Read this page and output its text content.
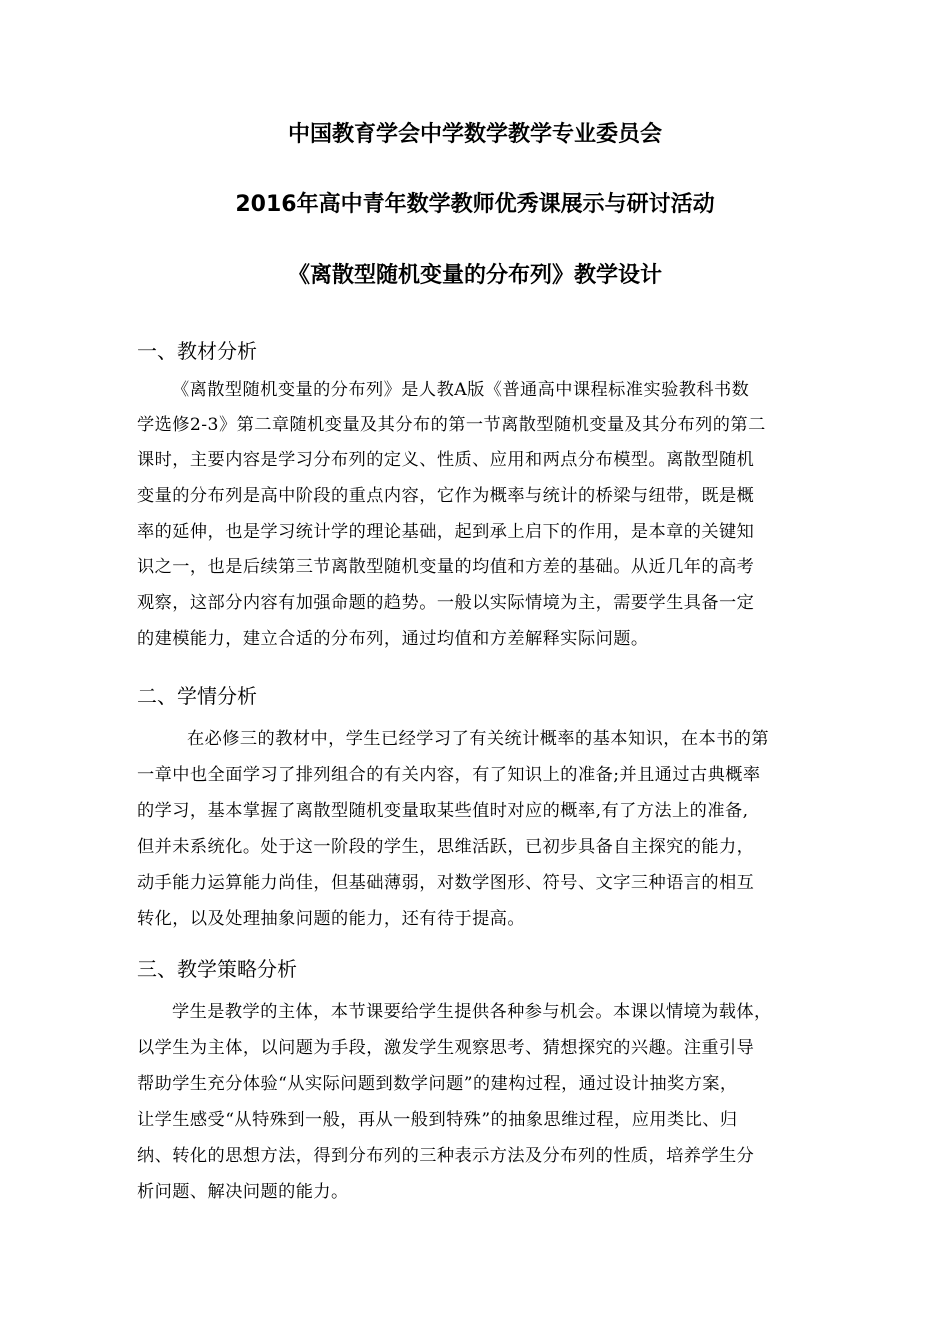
中国教育学会中学数学教学专业委员会
2016年高中青年数学教师优秀课展示与研讨活动
《离散型随机变量的分布列》教学设计
一、教材分析
《离散型随机变量的分布列》是人教A版《普通高中课程标准实验教科书数
学选修2-3》第二章随机变量及其分布的第一节离散型随机变量及其分布列的第二
课时，主要内容是学习分布列的定义、性质、应用和两点分布模型。离散型随机
变量的分布列是高中阶段的重点内容，它作为概率与统计的桥梁与纽带，既是概
率的延伸，也是学习统计学的理论基础，起到承上启下的作用，是本章的关键知
识之一，也是后续第三节离散型随机变量的均值和方差的基础。从近几年的高考
观察，这部分内容有加强命题的趋势。一般以实际情境为主，需要学生具备一定
的建模能力，建立合适的分布列，通过均值和方差解释实际问题。
二、学情分析
在必修三的教材中，学生已经学习了有关统计概率的基本知识，在本书的第
一章中也全面学习了排列组合的有关内容，有了知识上的准备;并且通过古典概率
的学习，基本掌握了离散型随机变量取某些值时对应的概率,有了方法上的准备,
但并未系统化。处于这一阶段的学生，思维活跃，已初步具备自主探究的能力，
动手能力运算能力尚佳，但基础薄弱，对数学图形、符号、文字三种语言的相互
转化，以及处理抽象问题的能力，还有待于提高。
三、教学策略分析
学生是教学的主体，本节课要给学生提供各种参与机会。本课以情境为载体，
以学生为主体，以问题为手段，激发学生观察思考、猜想探究的兴趣。注重引导
帮助学生充分体验“从实际问题到数学问题”的建构过程，通过设计抽奖方案，
让学生感受“从特殊到一般，再从一般到特殊”的抽象思维过程，应用类比、归
纳、转化的思想方法，得到分布列的三种表示方法及分布列的性质，培养学生分
析问题、解决问题的能力。
